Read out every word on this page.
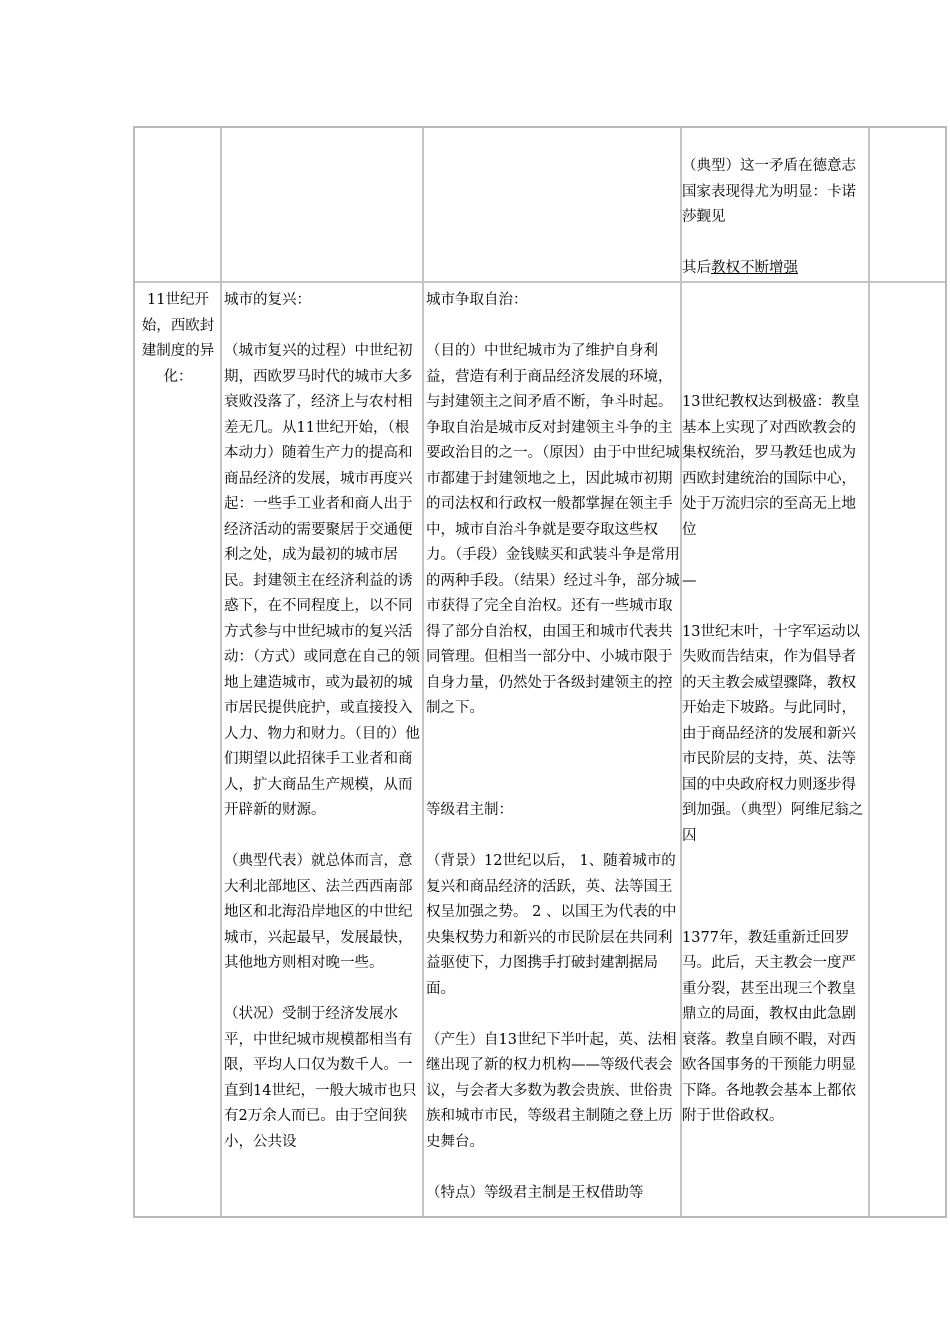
（典型）这一矛盾在德意志国家表现得尤为明显：卡诺莎觐见

其后教权不断增强

11世纪开始，西欧封建制度的异化：

城市的复兴：

（城市复兴的过程）中世纪初期，西欧罗马时代的城市大多衰败没落了，经济上与农村相差无几。从11世纪开始，（根本动力）随着生产力的提高和商品经济的发展，城市再度兴起：一些手工业者和商人出于经济活动的需要聚居于交通便利之处，成为最初的城市居民。封建领主在经济利益的诱惑下，在不同程度上，以不同方式参与中世纪城市的复兴活动：（方式）或同意在自己的领地上建造城市，或为最初的城市居民提供庇护，或直接投入人力、物力和财力。（目的）他们期望以此招徕手工业者和商人，扩大商品生产规模，从而开辟新的财源。

（典型代表）就总体而言，意大利北部地区、法兰西西南部地区和北海沿岸地区的中世纪城市，兴起最早，发展最快，其他地方则相对晚一些。

（状况）受制于经济发展水平，中世纪城市规模都相当有限，平均人口仅为数千人。一直到14世纪，一般大城市也只有2万余人而已。由于空间狭小，公共设

城市争取自治：

（目的）中世纪城市为了维护自身利益，营造有利于商品经济发展的环境，与封建领主之间矛盾不断，争斗时起。争取自治是城市反对封建领主斗争的主要政治目的之一。（原因）由于中世纪城市都建于封建领地之上，因此城市初期的司法权和行政权一般都掌握在领主手中，城市自治斗争就是要夺取这些权力。（手段）金钱赎买和武装斗争是常用的两种手段。（结果）经过斗争，部分城市获得了完全自治权。还有一些城市取得了部分自治权，由国王和城市代表共同管理。但相当一部分中、小城市限于自身力量，仍然处于各级封建领主的控制之下。

等级君主制：

（背景）12世纪以后， 1、随着城市的复兴和商品经济的活跃，英、法等国王权呈加强之势。 2 、以国王为代表的中央集权势力和新兴的市民阶层在共同利益驱使下，力图携手打破封建割据局面。

（产生）自13世纪下半叶起，英、法相继出现了新的权力机构——等级代表会议，与会者大多数为教会贵族、世俗贵族和城市市民，等级君主制随之登上历史舞台。

（特点）等级君主制是王权借助等

13世纪教权达到极盛：教皇基本上实现了对西欧教会的集权统治，罗马教廷也成为西欧封建统治的国际中心，处于万流归宗的至高无上地位

—

13世纪末叶，十字军运动以失败而告结束，作为倡导者的天主教会威望骤降，教权开始走下坡路。与此同时，由于商品经济的发展和新兴市民阶层的支持，英、法等国的中央政府权力则逐步得到加强。（典型）阿维尼翁之囚

1377年，教廷重新迁回罗马。此后，天主教会一度严重分裂，甚至出现三个教皇鼎立的局面，教权由此急剧衰落。教皇自顾不暇，对西欧各国事务的干预能力明显下降。各地教会基本上都依附于世俗政权。
